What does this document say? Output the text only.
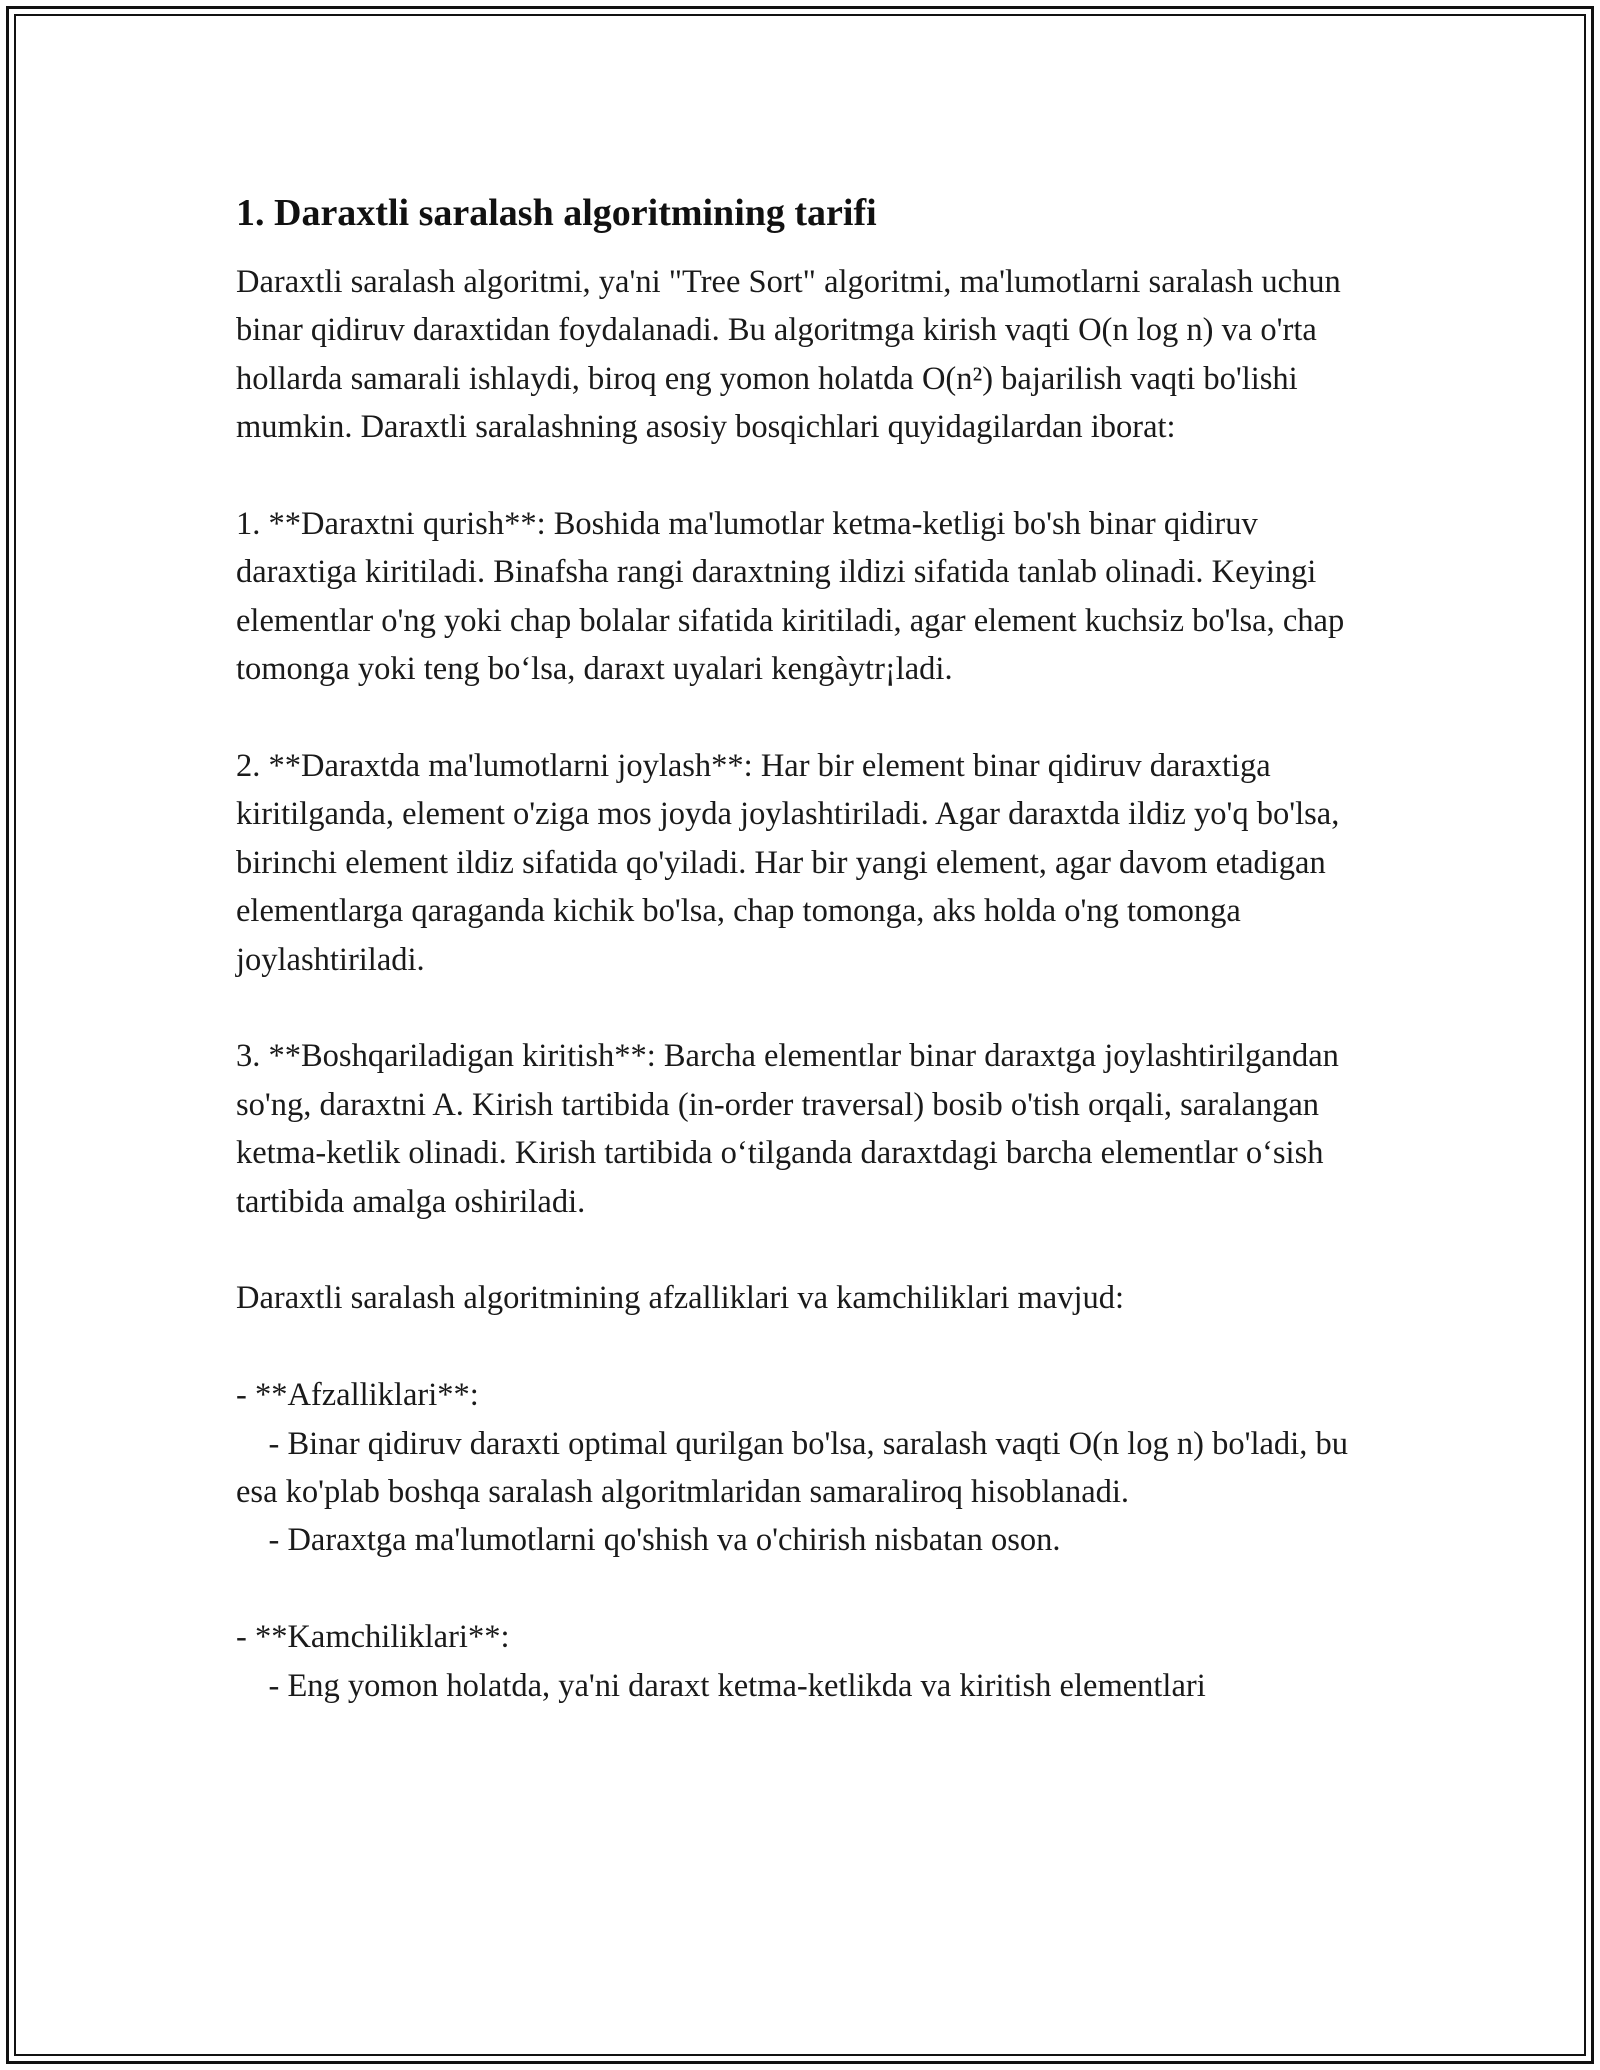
1. Daraxtli saralash algoritmining tarifi

Daraxtli saralash algoritmi, ya'ni "Tree Sort" algoritmi, ma'lumotlarni saralash uchun binar qidiruv daraxtidan foydalanadi. Bu algoritmga kirish vaqti O(n log n) va o'rta hollarda samarali ishlaydi, biroq eng yomon holatda O(n²) bajarilish vaqti bo'lishi mumkin. Daraxtli saralashning asosiy bosqichlari quyidagilardan iborat:

1. **Daraxtni qurish**: Boshida ma'lumotlar ketma-ketligi bo'sh binar qidiruv daraxtiga kiritiladi. Binafsha rangi daraxtning ildizi sifatida tanlab olinadi. Keyingi elementlar o'ng yoki chap bolalar sifatida kiritiladi, agar element kuchsiz bo'lsa, chap tomonga yoki teng bo‘lsa, daraxt uyalari kengàytr¡ladi.

2. **Daraxtda ma'lumotlarni joylash**: Har bir element binar qidiruv daraxtiga kiritilganda, element o'ziga mos joyda joylashtiriladi. Agar daraxtda ildiz yo'q bo'lsa, birinchi element ildiz sifatida qo'yiladi. Har bir yangi element, agar davom etadigan elementlarga qaraganda kichik bo'lsa, chap tomonga, aks holda o'ng tomonga joylashtiriladi.

3. **Boshqariladigan kiritish**: Barcha elementlar binar daraxtga joylashtirilgandan so'ng, daraxtni A. Kirish tartibida (in-order traversal) bosib o'tish orqali, saralangan ketma-ketlik olinadi. Kirish tartibida o‘tilganda daraxtdagi barcha elementlar o‘sish tartibida amalga oshiriladi.

Daraxtli saralash algoritmining afzalliklari va kamchiliklari mavjud:

- **Afzalliklari**:

- Binar qidiruv daraxti optimal qurilgan bo'lsa, saralash vaqti O(n log n) bo'ladi, bu esa ko'plab boshqa saralash algoritmlaridan samaraliroq hisoblanadi.

- Daraxtga ma'lumotlarni qo'shish va o'chirish nisbatan oson.

- **Kamchiliklari**:

- Eng yomon holatda, ya'ni daraxt ketma-ketlikda va kiritish elementlari
